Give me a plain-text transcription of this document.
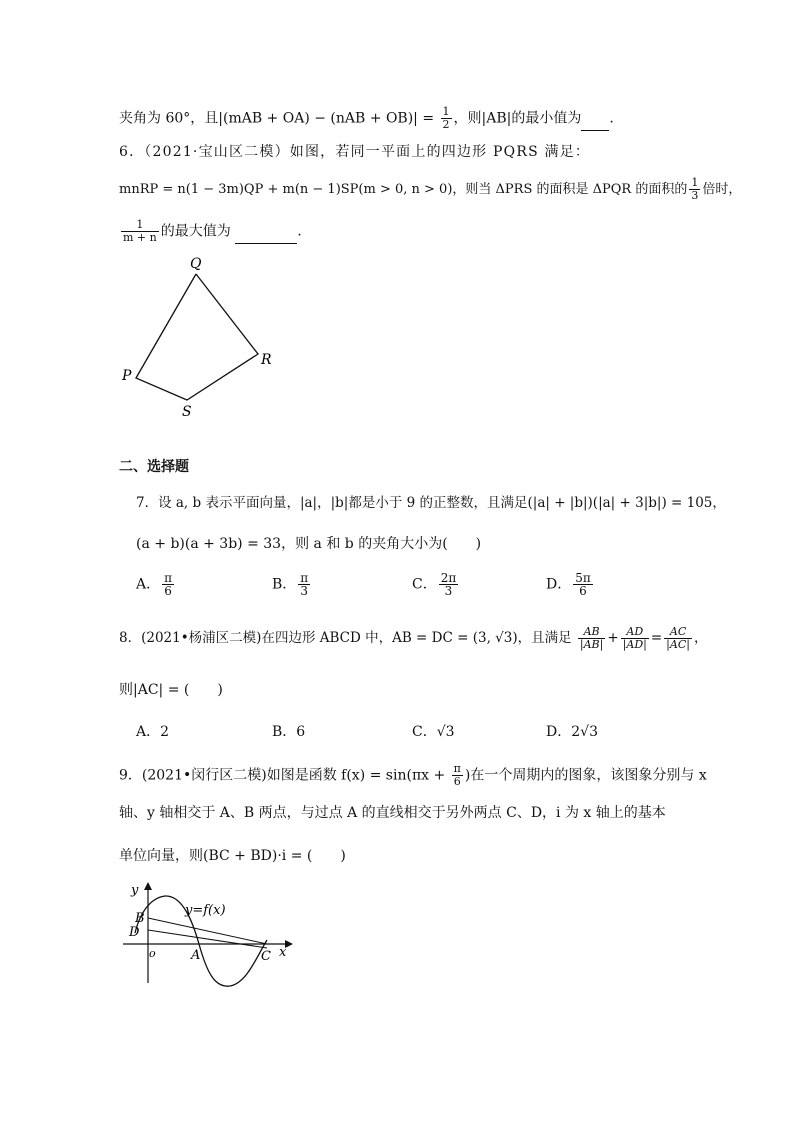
夹角为 60°，且$|(mAB + OA) - (nAB + OB)| = \frac{1}{2}$ ，则|AB|的最小值为 .
6．（2021·宝山区二模）如图，若同一平面上的四边形 PQRS 满足：
mnRP = n(1 − 3m)QP + m(n − 1)SP(m > 0, n > 0)，则当 ΔPRS 的面积是 ΔPQR 的面积的 $\frac{1}{3}$ 倍时，
$\frac{1}{m + n}$ 的最大值为	.
Q
R
P
S
二、选择题
7．设 a, b 表示平面向量，|a|，|b|都是小于 9 的正整数，且满足(|a| + |b|)(|a| + 3|b|) = 105，
(a + b)(a + 3b) = 33，则 a 和 b 的夹角大小为(　　)
A． $\frac{\pi}{6}$	B． $\frac{\pi}{3}$	C． $\frac{2\pi}{3}$	D． $\frac{5\pi}{6}$
8．(2021•杨浦区二模)在四边形 ABCD 中，AB = DC = (3, √3)，且满足 $\frac{AB}{|AB|} + \frac{AD}{|AD|} = \frac{AC}{|AC|}$ ，
则|AC| = (　　)
A．2	B．6	C．√3	D．2√3
9．(2021•闵行区二模)如图是函数 $f(x) = \sin(\pi x + \frac{\pi}{6}$ )在一个周期内的图象，该图象分别与 x
轴、y 轴相交于 A、B 两点，与过点 A 的直线相交于另外两点 C、D，i 为 x 轴上的基本
单位向量，则(BC + BD)·i = (　　)
y
x
B
D
o	A	C
y=f(x)
